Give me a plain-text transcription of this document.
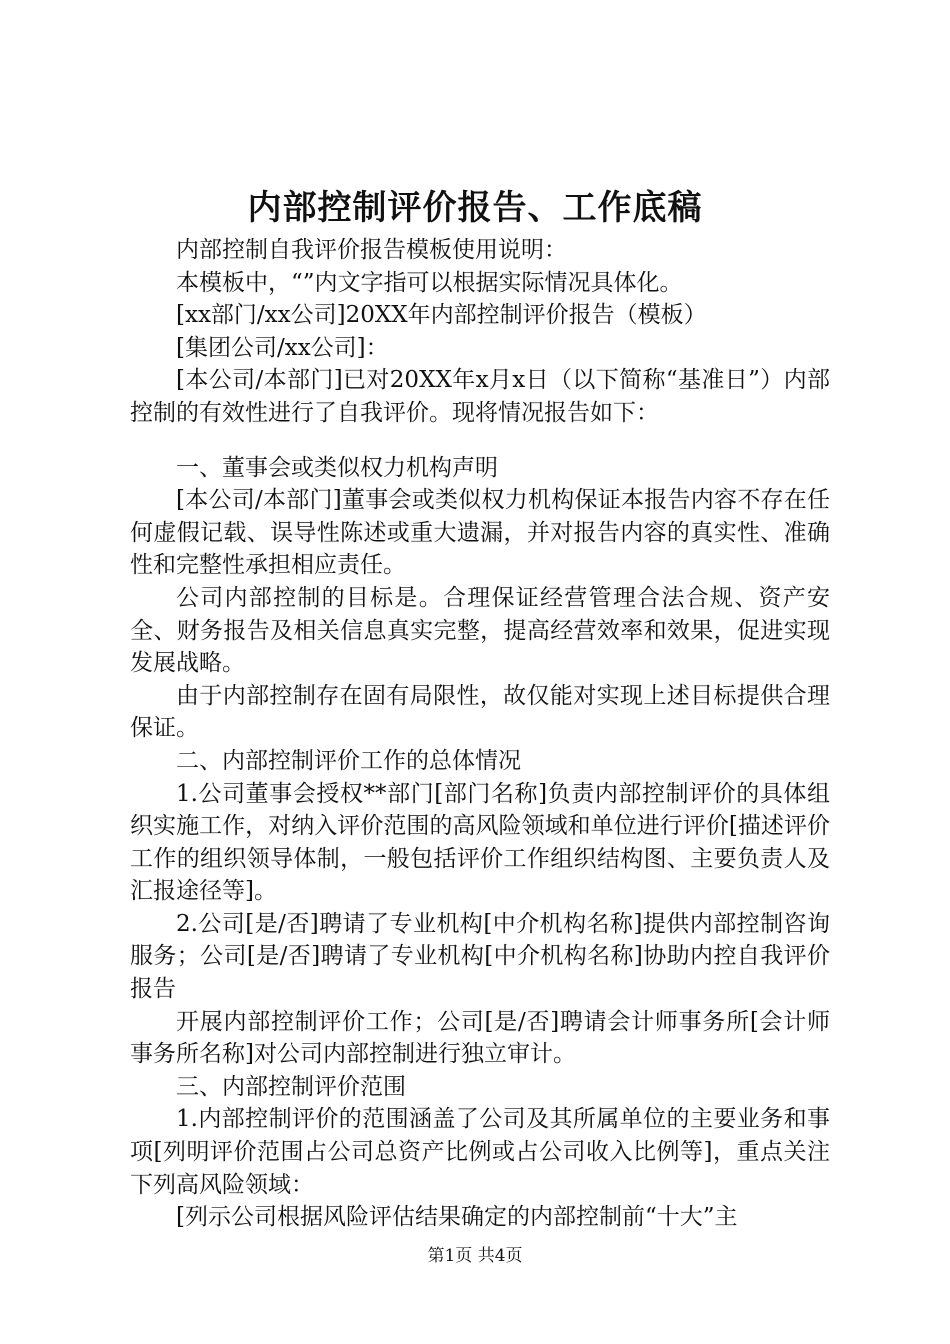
内部控制评价报告、工作底稿

内部控制自我评价报告模板使用说明：

本模板中，“”内文字指可以根据实际情况具体化。

[xx部门/xx公司]20XX年内部控制评价报告（模板）

[集团公司/xx公司]：

[本公司/本部门]已对20XX年x月x日（以下简称“基准日”）内部控制的有效性进行了自我评价。现将情况报告如下：

一、董事会或类似权力机构声明

[本公司/本部门]董事会或类似权力机构保证本报告内容不存在任何虚假记载、误导性陈述或重大遗漏，并对报告内容的真实性、准确性和完整性承担相应责任。

公司内部控制的目标是。合理保证经营管理合法合规、资产安全、财务报告及相关信息真实完整，提高经营效率和效果，促进实现发展战略。

由于内部控制存在固有局限性，故仅能对实现上述目标提供合理保证。

二、内部控制评价工作的总体情况

1.公司董事会授权**部门[部门名称]负责内部控制评价的具体组织实施工作，对纳入评价范围的高风险领域和单位进行评价[描述评价工作的组织领导体制，一般包括评价工作组织结构图、主要负责人及汇报途径等]。

2.公司[是/否]聘请了专业机构[中介机构名称]提供内部控制咨询服务；公司[是/否]聘请了专业机构[中介机构名称]协助内控自我评价报告

开展内部控制评价工作；公司[是/否]聘请会计师事务所[会计师事务所名称]对公司内部控制进行独立审计。

三、内部控制评价范围

1.内部控制评价的范围涵盖了公司及其所属单位的主要业务和事项[列明评价范围占公司总资产比例或占公司收入比例等]，重点关注下列高风险领域：

[列示公司根据风险评估结果确定的内部控制前“十大”主

第1页 共4页
